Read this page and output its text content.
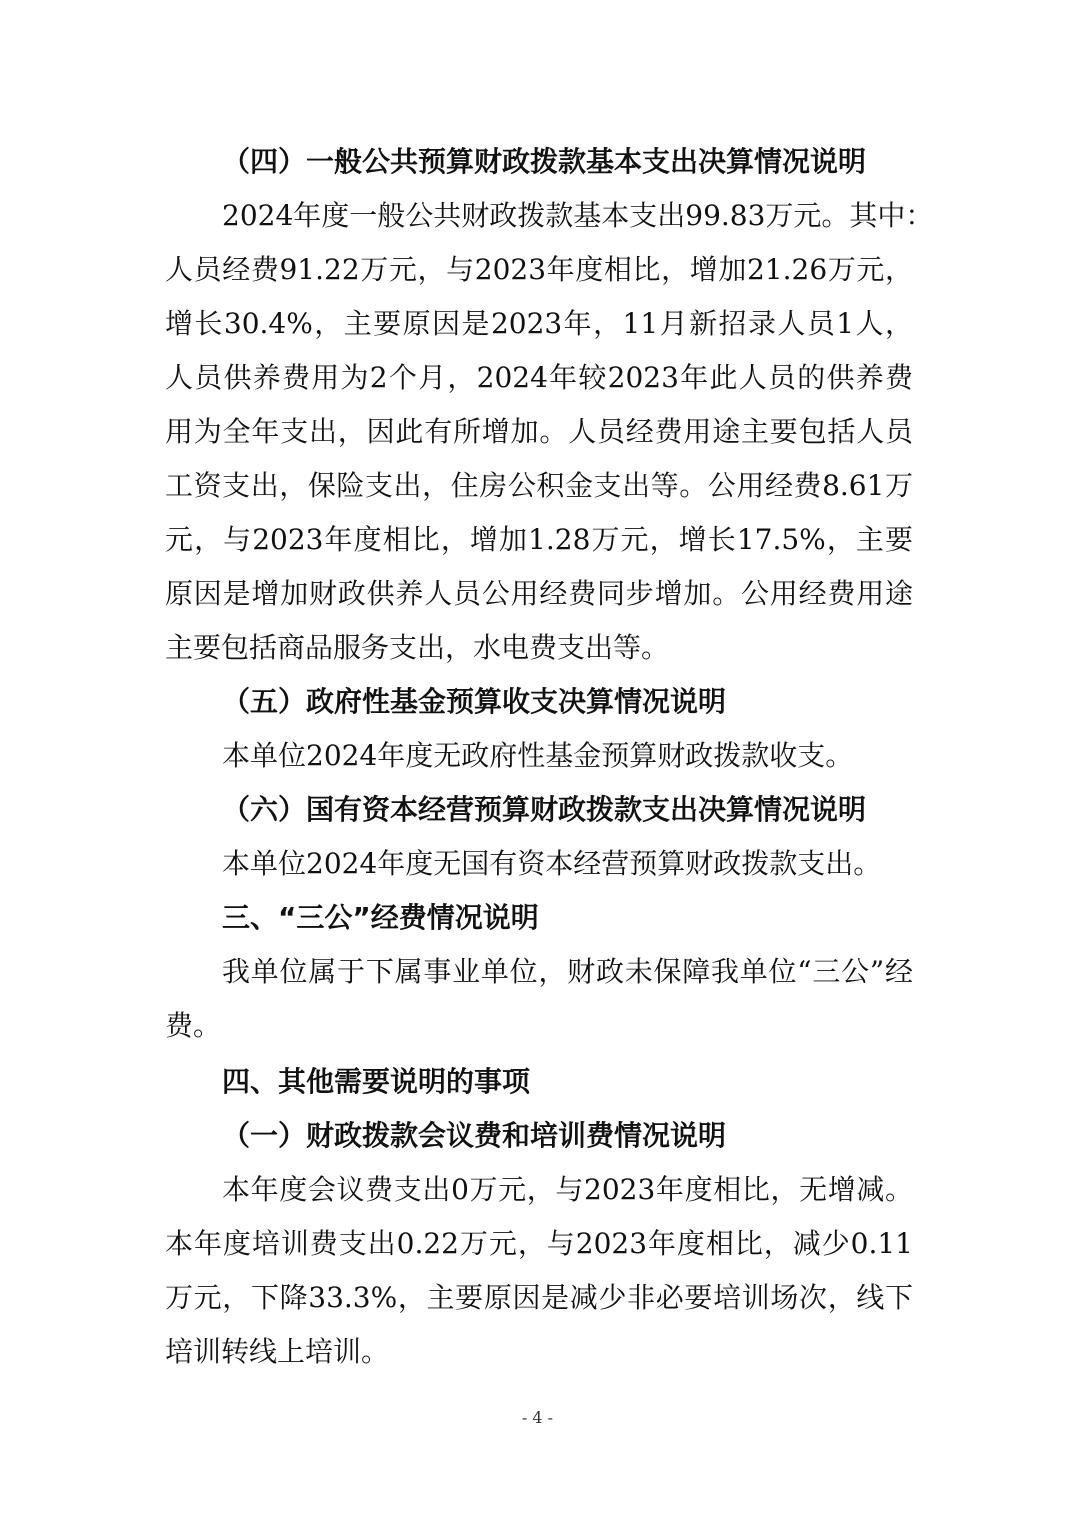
（四）一般公共预算财政拨款基本支出决算情况说明
2024年度一般公共财政拨款基本支出99.83万元。其中：
人员经费91.22万元，与2023年度相比，增加21.26万元，
增长30.4%，主要原因是2023年，11月新招录人员1人，
人员供养费用为2个月，2024年较2023年此人员的供养费
用为全年支出，因此有所增加。人员经费用途主要包括人员
工资支出，保险支出，住房公积金支出等。公用经费8.61万
元，与2023年度相比，增加1.28万元，增长17.5%，主要
原因是增加财政供养人员公用经费同步增加。公用经费用途
主要包括商品服务支出，水电费支出等。
（五）政府性基金预算收支决算情况说明
本单位2024年度无政府性基金预算财政拨款收支。
（六）国有资本经营预算财政拨款支出决算情况说明
本单位2024年度无国有资本经营预算财政拨款支出。
三、“三公”经费情况说明
我单位属于下属事业单位，财政未保障我单位“三公”经
费。
四、其他需要说明的事项
（一）财政拨款会议费和培训费情况说明
本年度会议费支出0万元，与2023年度相比，无增减。
本年度培训费支出0.22万元，与2023年度相比，减少0.11
万元，下降33.3%，主要原因是减少非必要培训场次，线下
培训转线上培训。
- 4 -
